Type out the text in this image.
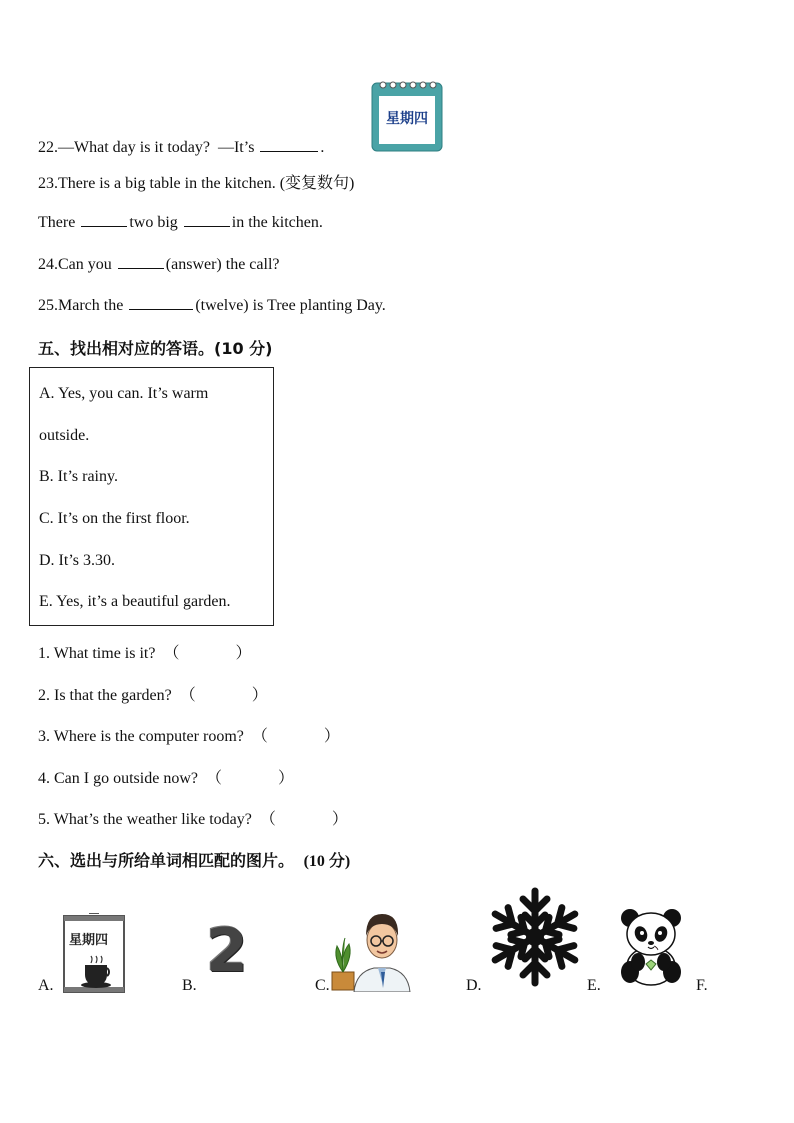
星期四
22.—What day is it today? —It’s	.
23.There is a big table in the kitchen. (变复数句)
There	two big	in the kitchen.
24.Can you	(answer) the call?
25.March the	(twelve) is Tree planting Day.
五、找出相对应的答语。(10 分)
A. Yes, you can. It’s warm
outside.
B. It’s rainy.
C. It’s on the first floor.
D. It’s 3.30.
E. Yes, it’s a beautiful garden.
1. What time is it? （	）
2. Is that the garden? （	）
3. Where is the computer room? （	）
4. Can I go outside now? （	）
5. What’s the weather like today? （	）
六、选出与所给单词相匹配的图片。 (10 分)
A.	B.	C.	D.	E.	F.
星期四 2
